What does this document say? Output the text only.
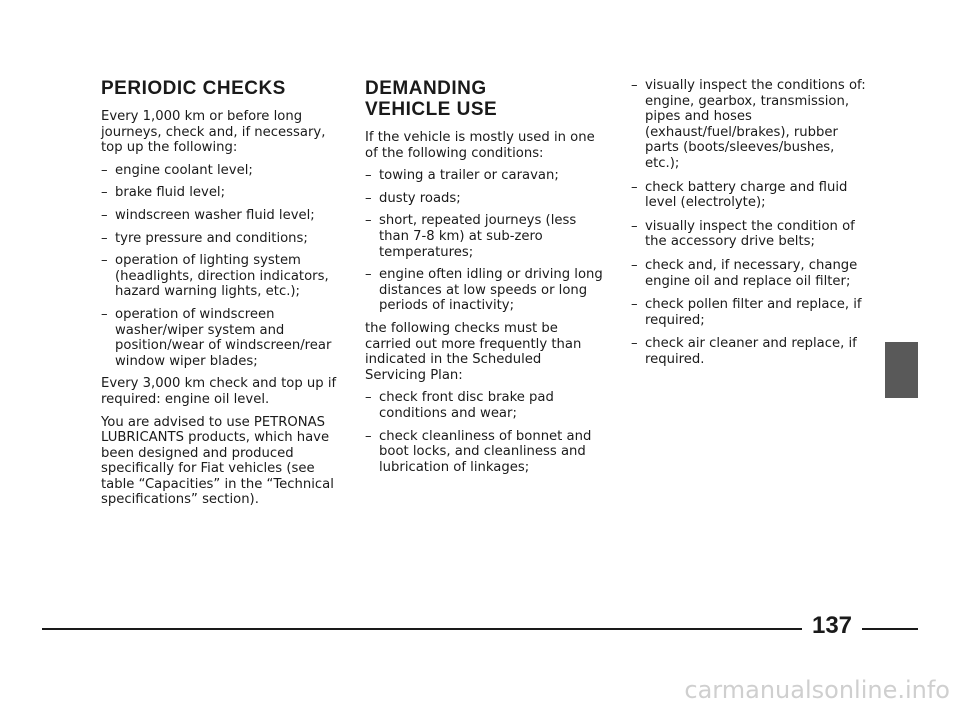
PERIODIC CHECKS

Every 1,000 km or before long journeys, check and, if necessary, top up the following:

– engine coolant level;
– brake fluid level;
– windscreen washer fluid level;
– tyre pressure and conditions;
– operation of lighting system (headlights, direction indicators, hazard warning lights, etc.);
– operation of windscreen washer/wiper system and position/wear of windscreen/rear window wiper blades;

Every 3,000 km check and top up if required: engine oil level.

You are advised to use PETRONAS LUBRICANTS products, which have been designed and produced specifically for Fiat vehicles (see table “Capacities” in the “Technical specifications” section).

DEMANDING
VEHICLE USE

If the vehicle is mostly used in one of the following conditions:

– towing a trailer or caravan;
– dusty roads;
– short, repeated journeys (less than 7-8 km) at sub-zero temperatures;
– engine often idling or driving long distances at low speeds or long periods of inactivity;

the following checks must be carried out more frequently than indicated in the Scheduled Servicing Plan:

– check front disc brake pad conditions and wear;
– check cleanliness of bonnet and boot locks, and cleanliness and lubrication of linkages;
– visually inspect the conditions of: engine, gearbox, transmission, pipes and hoses (exhaust/fuel/brakes), rubber parts (boots/sleeves/bushes, etc.);
– check battery charge and fluid level (electrolyte);
– visually inspect the condition of the accessory drive belts;
– check and, if necessary, change engine oil and replace oil filter;
– check pollen filter and replace, if required;
– check air cleaner and replace, if required.
137
carmanualsonline.info
